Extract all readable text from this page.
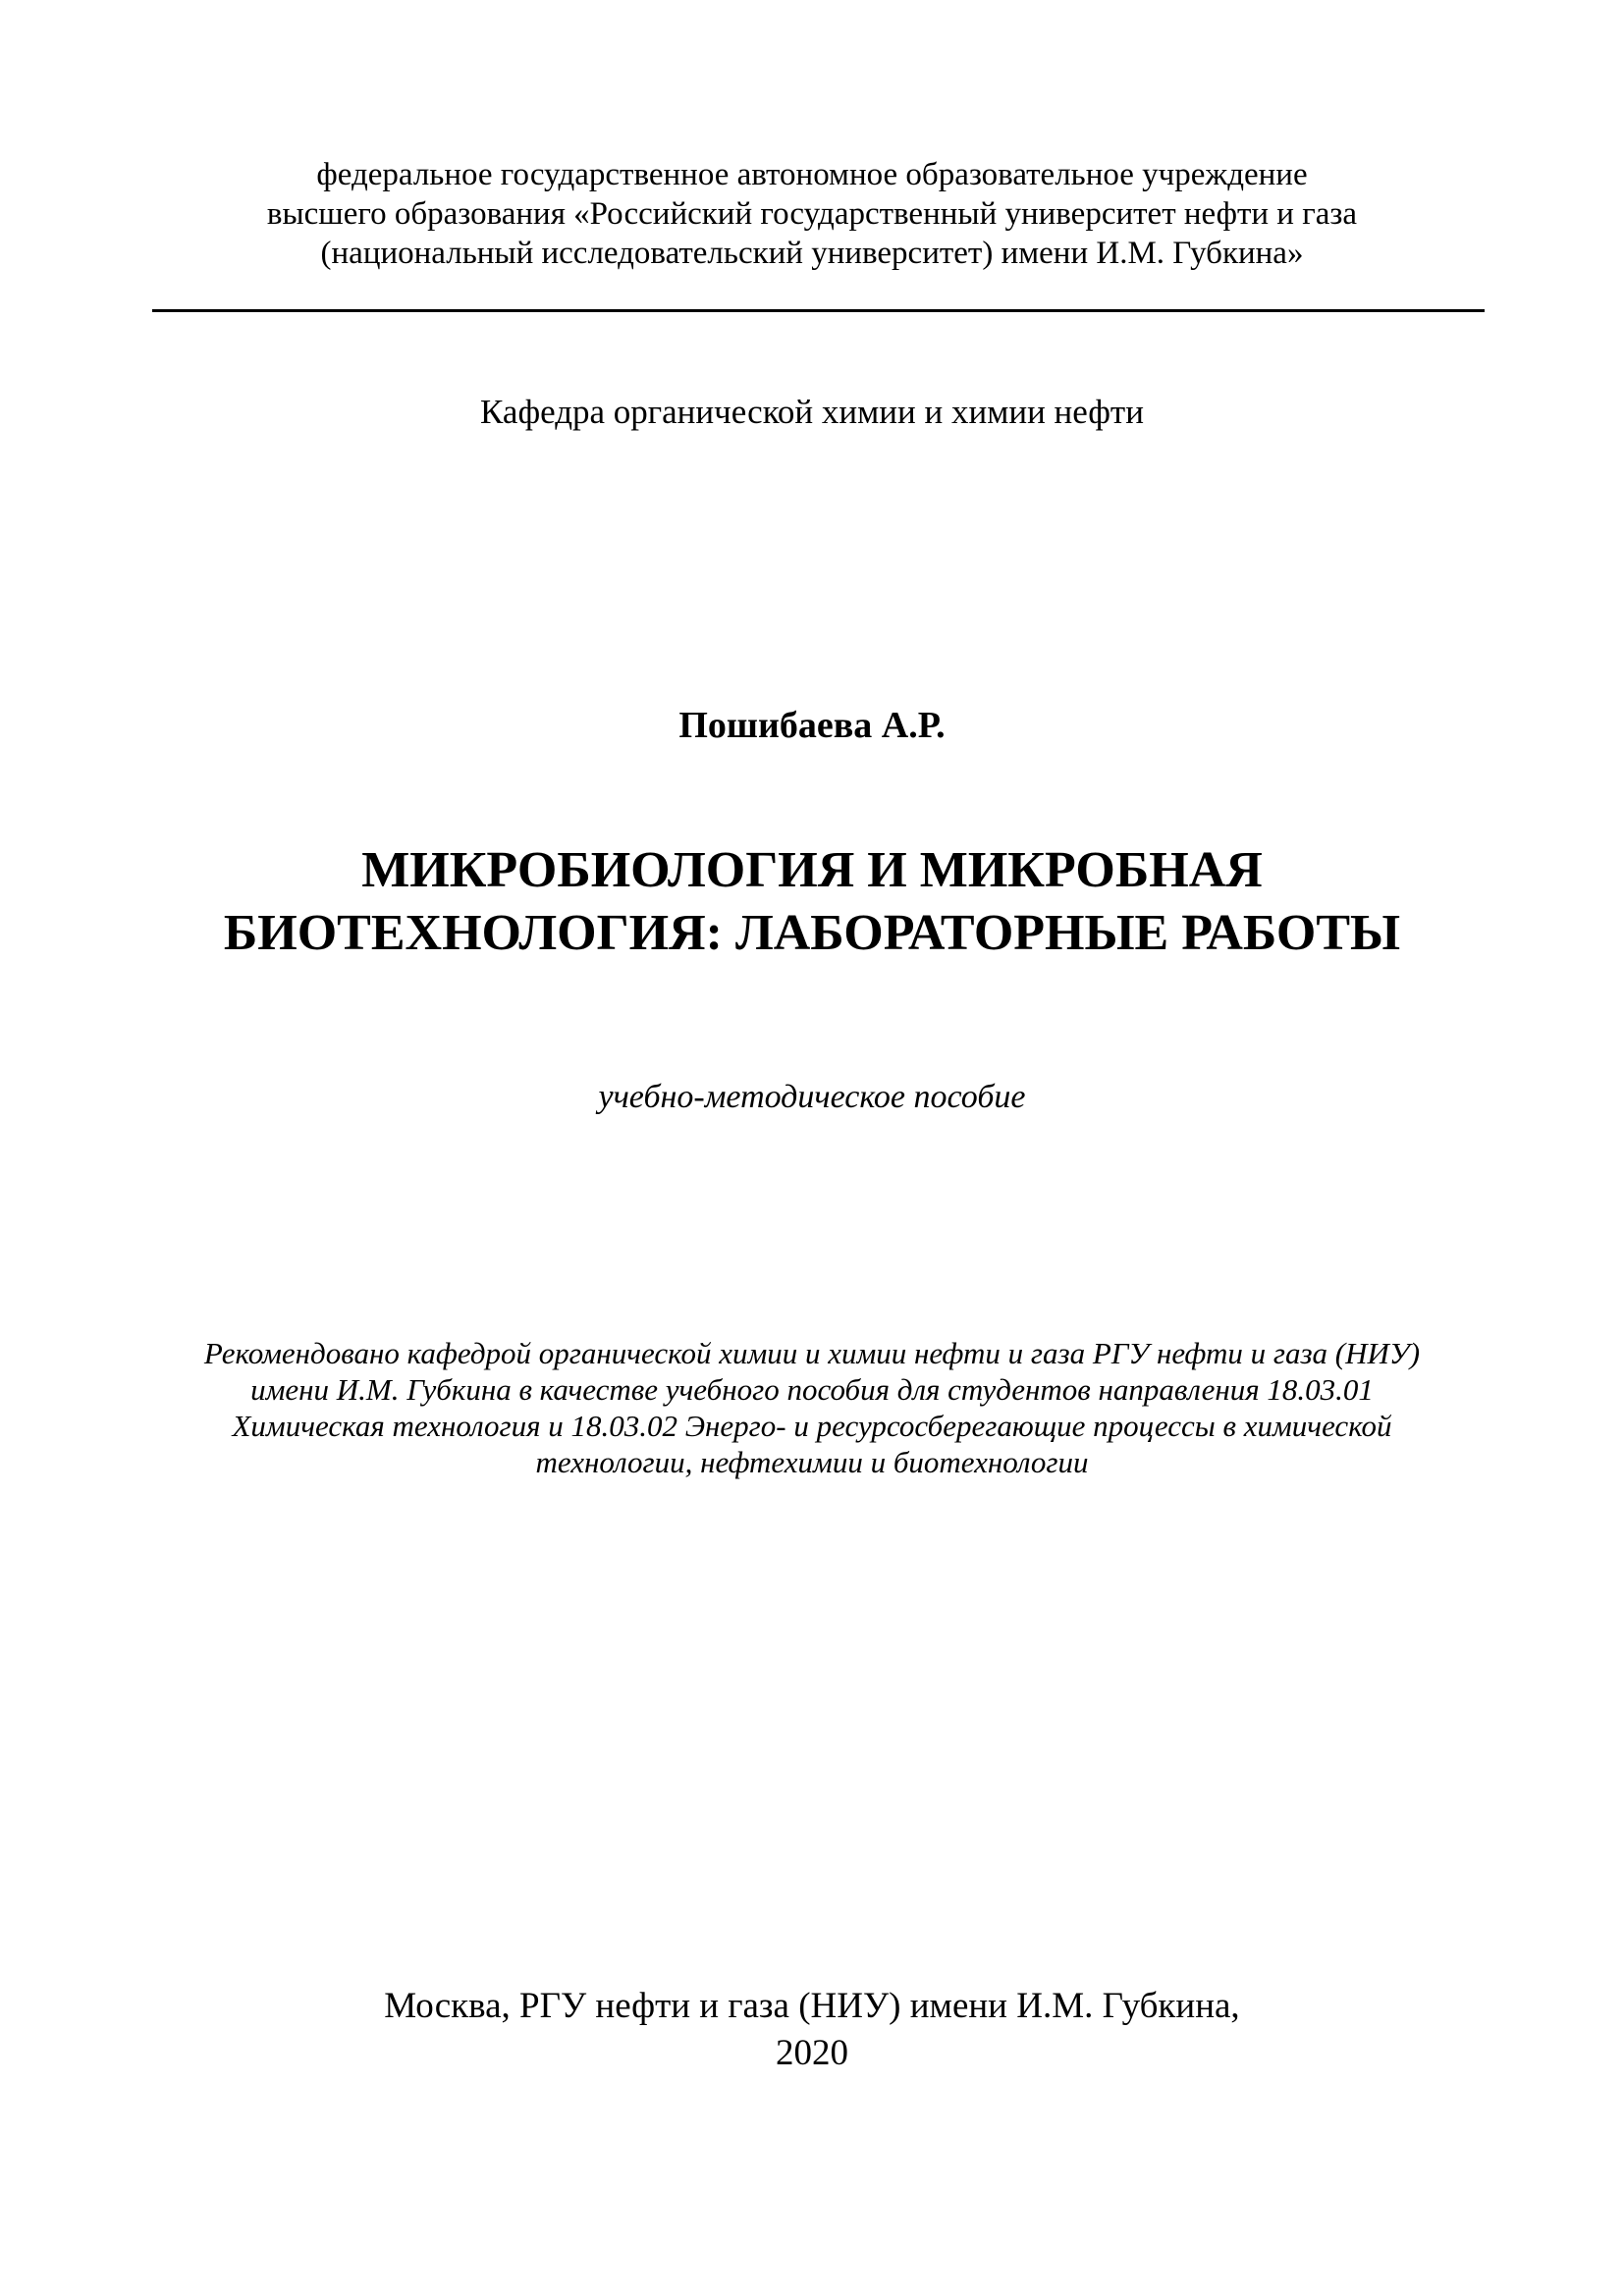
федеральное государственное автономное образовательное учреждение
высшего образования «Российский государственный университет нефти и газа
(национальный исследовательский университет) имени И.М. Губкина»
Кафедра органической химии и химии нефти
Пошибаева А.Р.
МИКРОБИОЛОГИЯ И МИКРОБНАЯ
БИОТЕХНОЛОГИЯ: ЛАБОРАТОРНЫЕ РАБОТЫ
учебно-методическое пособие
Рекомендовано кафедрой органической химии и химии нефти и газа РГУ нефти и газа (НИУ)
имени И.М. Губкина в качестве учебного пособия для студентов направления 18.03.01
Химическая технология и 18.03.02 Энерго- и ресурсосберегающие процессы в химической
технологии, нефтехимии и биотехнологии
Москва, РГУ нефти и газа (НИУ) имени И.М. Губкина,
2020
